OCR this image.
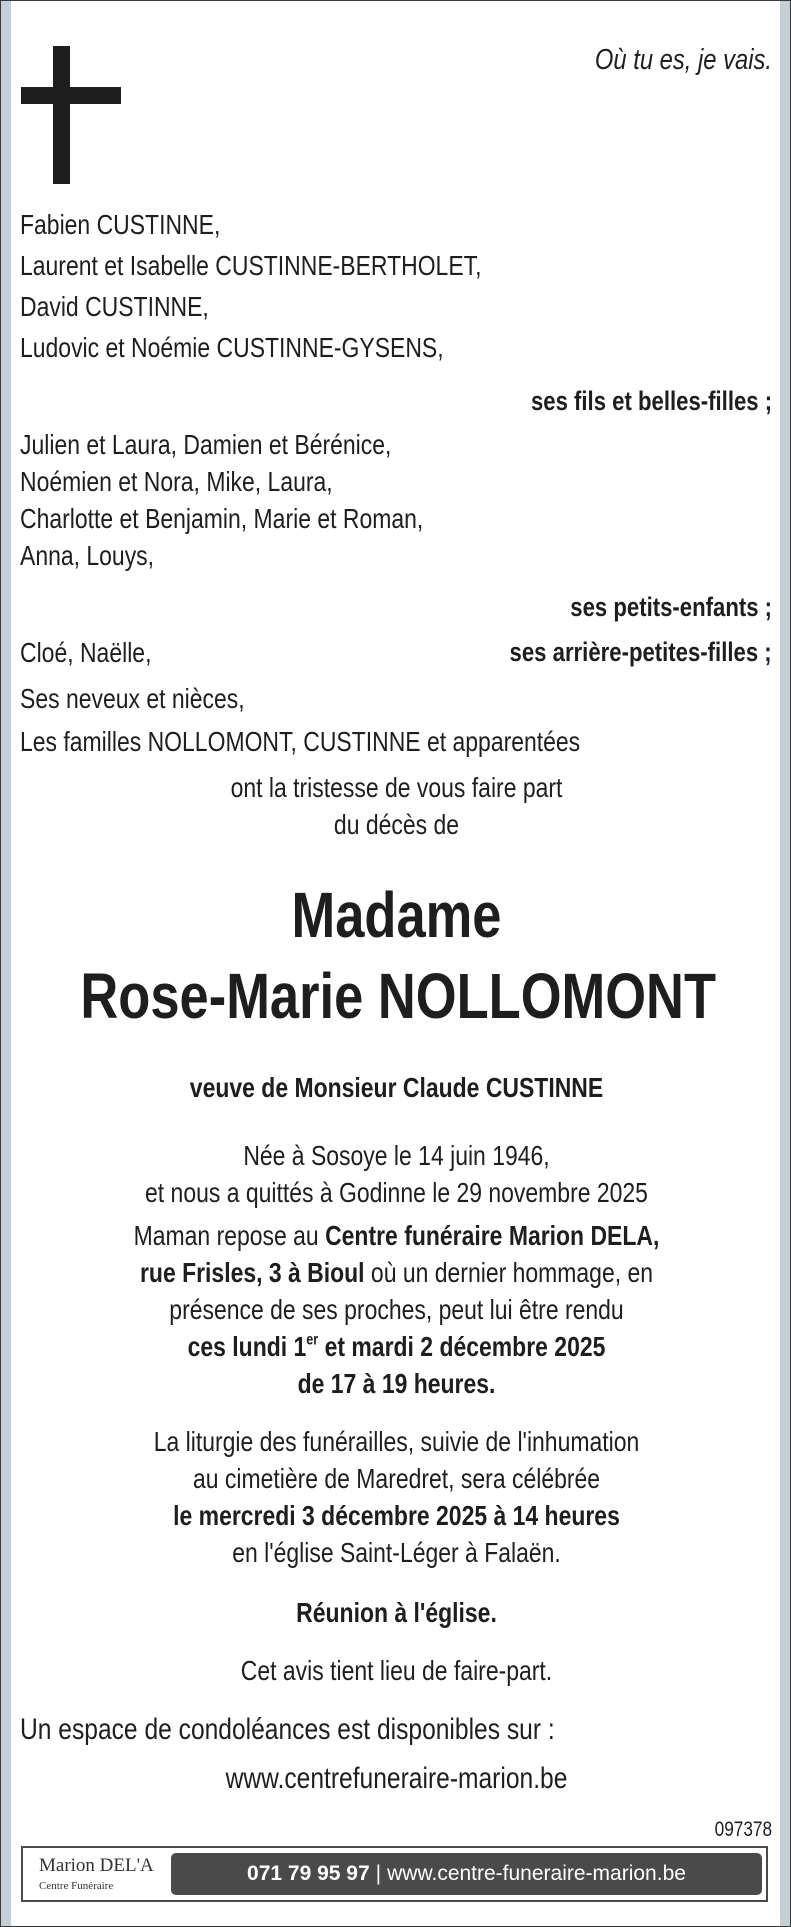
Où tu es, je vais.
Fabien CUSTINNE,
Laurent et Isabelle CUSTINNE-BERTHOLET,
David CUSTINNE,
Ludovic et Noémie CUSTINNE-GYSENS,
ses fils et belles-filles ;
Julien et Laura, Damien et Bérénice,
Noémien et Nora, Mike, Laura,
Charlotte et Benjamin, Marie et Roman,
Anna, Louys,
ses petits-enfants ;
Cloé, Naëlle,	ses arrière-petites-filles ;
Ses neveux et nièces,
Les familles NOLLOMONT, CUSTINNE et apparentées
ont la tristesse de vous faire part
du décès de
Madame
Rose-Marie NOLLOMONT
veuve de Monsieur Claude CUSTINNE
Née à Sosoye le 14 juin 1946,
et nous a quittés à Godinne le 29 novembre 2025
Maman repose au Centre funéraire Marion DELA,
rue Frisles, 3 à Bioul où un dernier hommage, en
présence de ses proches, peut lui être rendu
ces lundi 1er et mardi 2 décembre 2025
de 17 à 19 heures.
La liturgie des funérailles, suivie de l'inhumation
au cimetière de Maredret, sera célébrée
le mercredi 3 décembre 2025 à 14 heures
en l'église Saint-Léger à Falaën.
Réunion à l'église.
Cet avis tient lieu de faire-part.
Un espace de condoléances est disponibles sur :
www.centrefuneraire-marion.be
097378
Marion DEL'A
Centre Funéraire
071 79 95 97 | www.centre-funeraire-marion.be
